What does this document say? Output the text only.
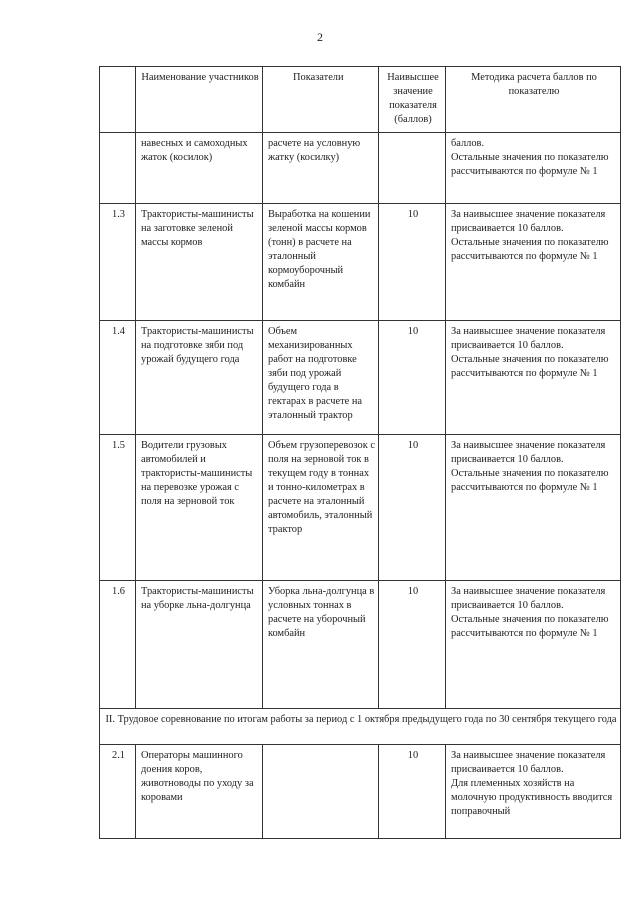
2
	Наименование участников	Показатели	Наивысшее значение показателя (баллов)	Методика расчета баллов по показателю
	навесных и самоходных жаток (косилок)	расчете на условную жатку (косилку)		баллов.
Остальные значения по показателю рассчитываются по формуле № 1

1.3	Трактористы-машинисты на заготовке зеленой массы кормов	Выработка на кошении зеленой массы кормов (тонн) в расчете на эталонный кормоуборочный комбайн	10	За наивысшее значение показателя присваивается 10 баллов.
Остальные значения по показателю рассчитываются по формуле № 1

1.4	Трактористы-машинисты на подготовке зяби под урожай будущего года	Объем механизированных работ на подготовке зяби под урожай будущего года в гектарах в расчете на эталонный трактор	10	За наивысшее значение показателя присваивается 10 баллов.
Остальные значения по показателю рассчитываются по формуле № 1

1.5	Водители грузовых автомобилей и трактористы-машинисты на перевозке урожая с поля на зерновой ток	Объем грузоперевозок с поля на зерновой ток в текущем году в тоннах и тонно-километрах в расчете на эталонный автомобиль, эталонный трактор	10	За наивысшее значение показателя присваивается 10 баллов.
Остальные значения по показателю рассчитываются по формуле № 1

1.6	Трактористы-машинисты на уборке льна-долгунца	Уборка льна-долгунца в условных тоннах в расчете на уборочный комбайн	10	За наивысшее значение показателя присваивается 10 баллов.
Остальные значения по показателю рассчитываются по формуле № 1

II. Трудовое соревнование по итогам работы за период с 1 октября предыдущего года по 30 сентября текущего года				
2.1	Операторы машинного доения коров, животноводы по уходу за коровами		10	За наивысшее значение показателя присваивается 10 баллов.
Для племенных хозяйств на молочную продуктивность вводится поправочный
